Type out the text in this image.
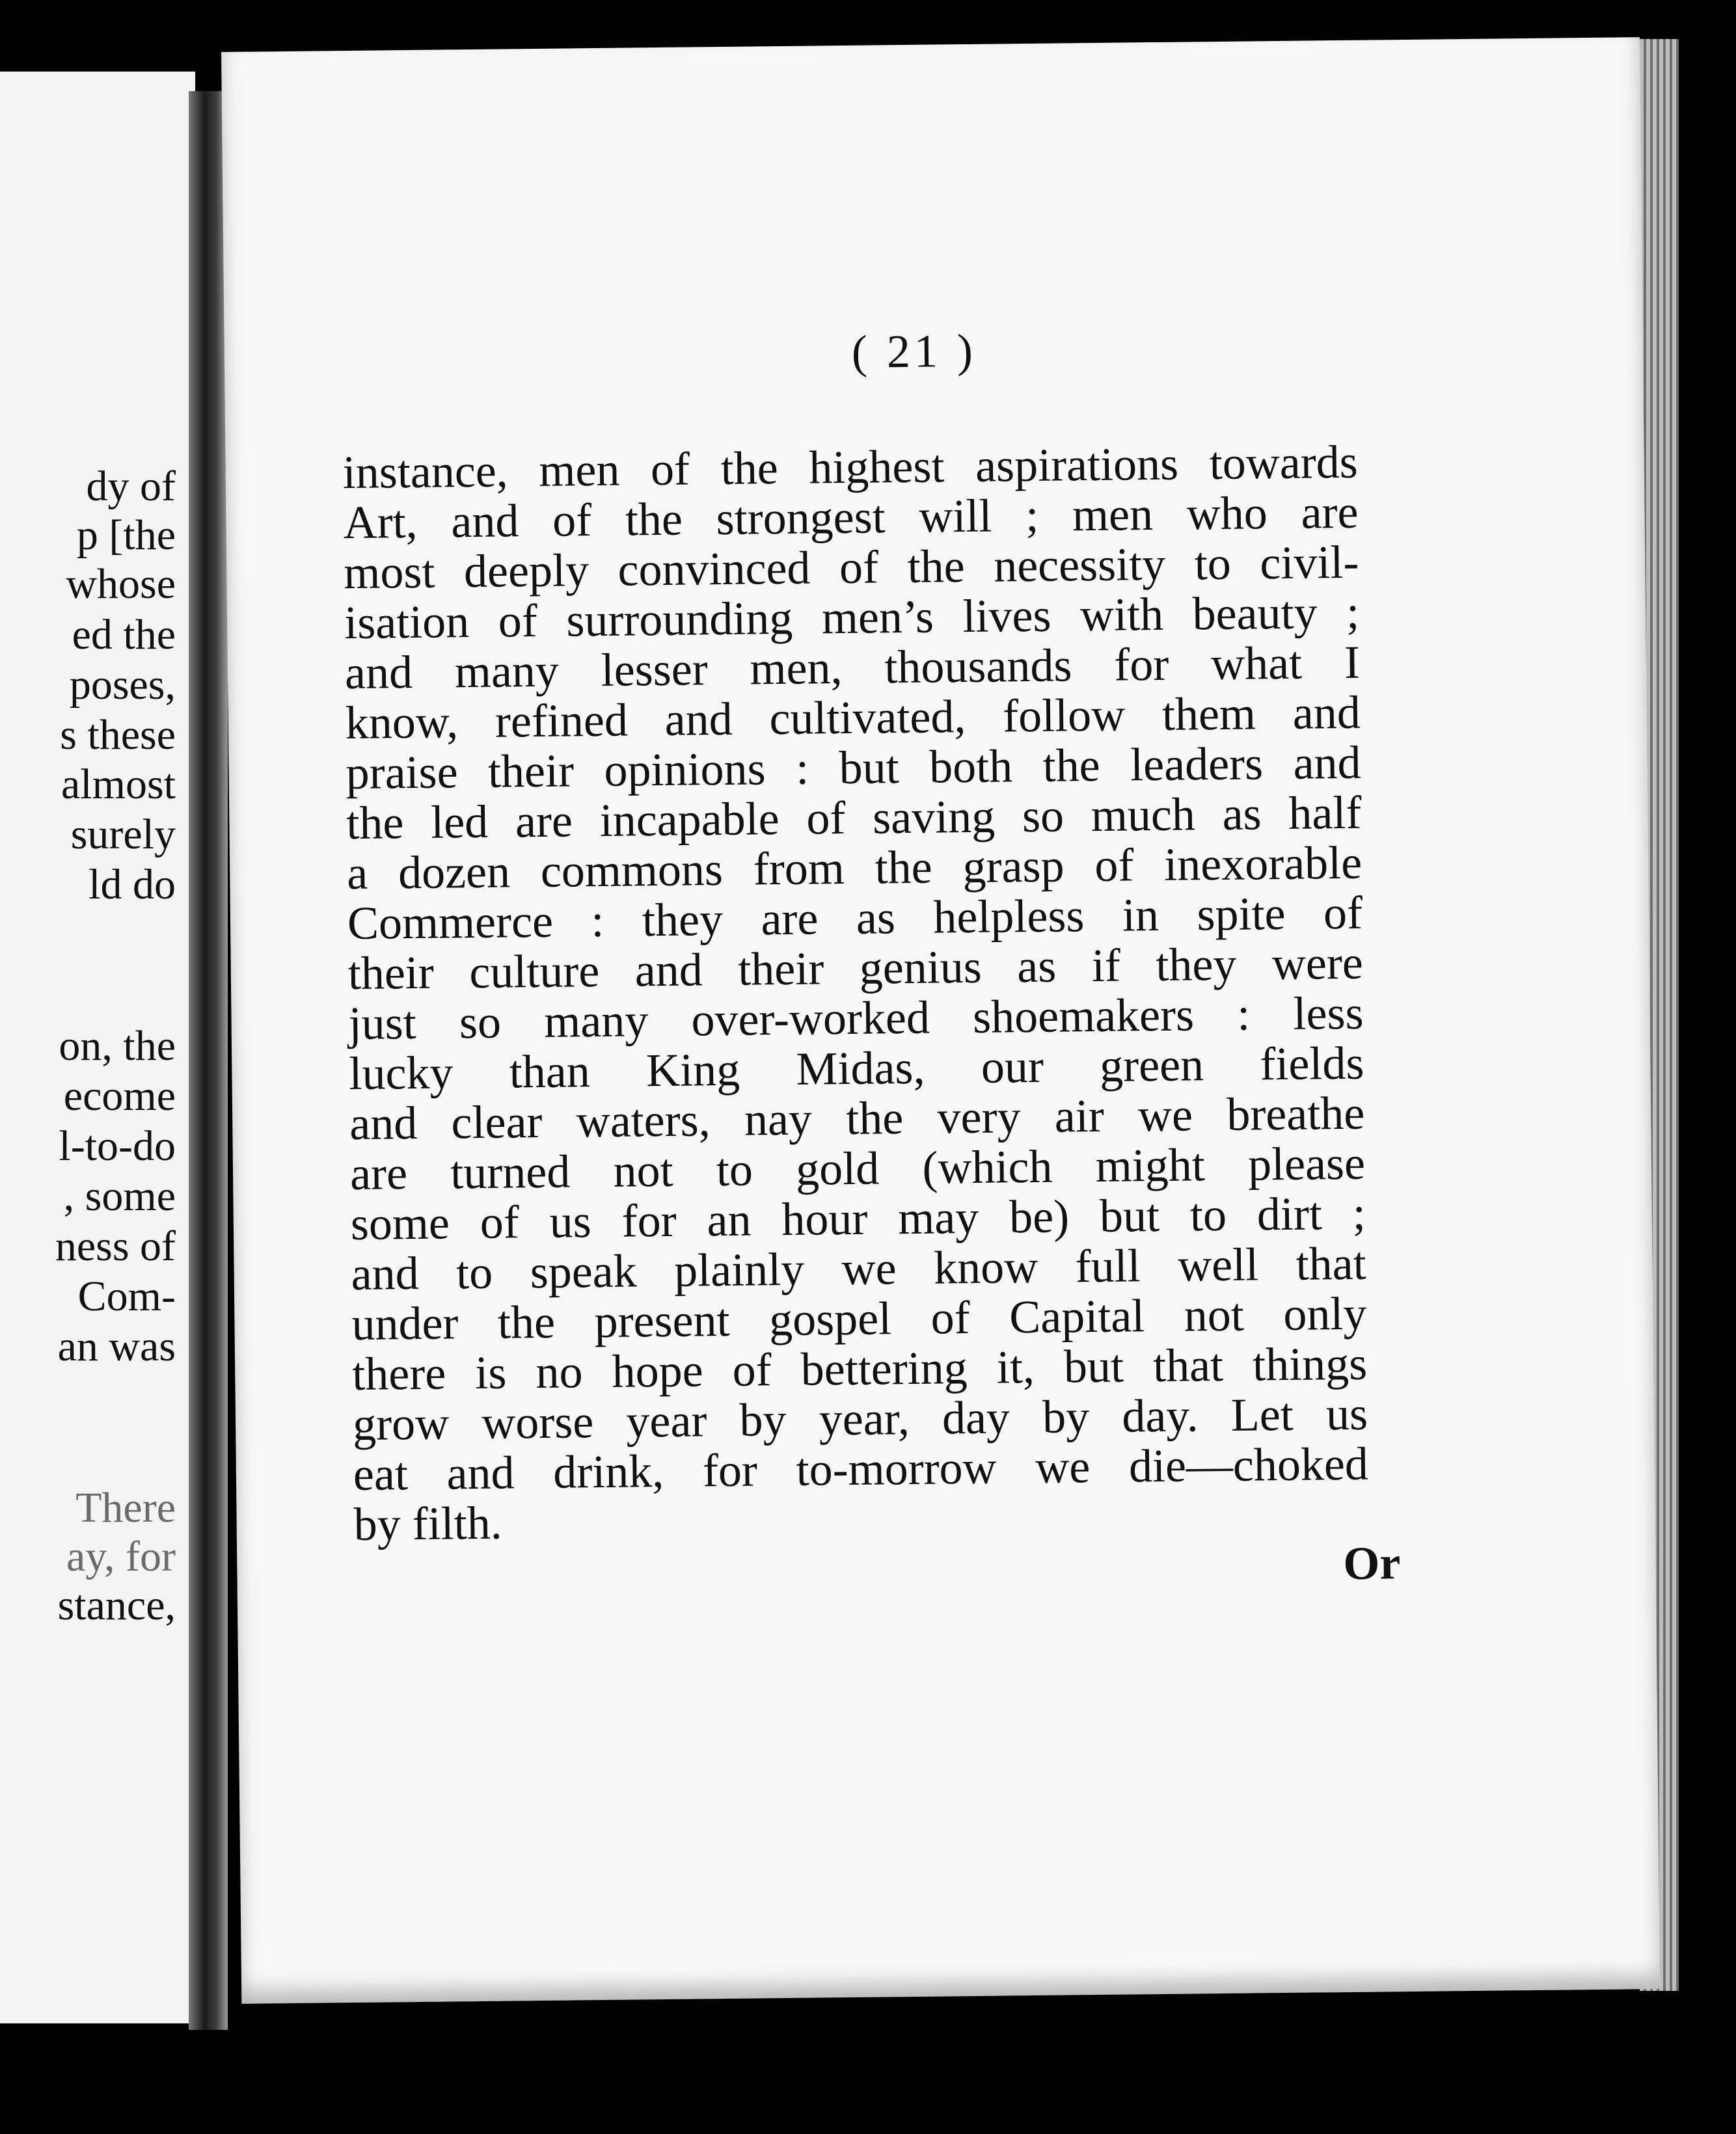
dy of
p [the
whose
ed the
poses,
s these
almost
surely
ld do
on, the
ecome
l-to-do
, some
ness of
Com-
an was
There
ay, for
stance,
( 21 )
instance, men of the highest aspirations towards
Art, and of the strongest will ; men who are
most deeply convinced of the necessity to civil-
isation of surrounding men’s lives with beauty ;
and many lesser men, thousands for what I
know, refined and cultivated, follow them and
praise their opinions : but both the leaders and
the led are incapable of saving so much as half
a dozen commons from the grasp of inexorable
Commerce : they are as helpless in spite of
their culture and their genius as if they were
just so many over-worked shoemakers : less
lucky than King Midas, our green fields
and clear waters, nay the very air we breathe
are turned not to gold (which might please
some of us for an hour may be) but to dirt ;
and to speak plainly we know full well that
under the present gospel of Capital not only
there is no hope of bettering it, but that things
grow worse year by year, day by day. Let us
eat and drink, for to-morrow we die—choked
by filth.
Or
